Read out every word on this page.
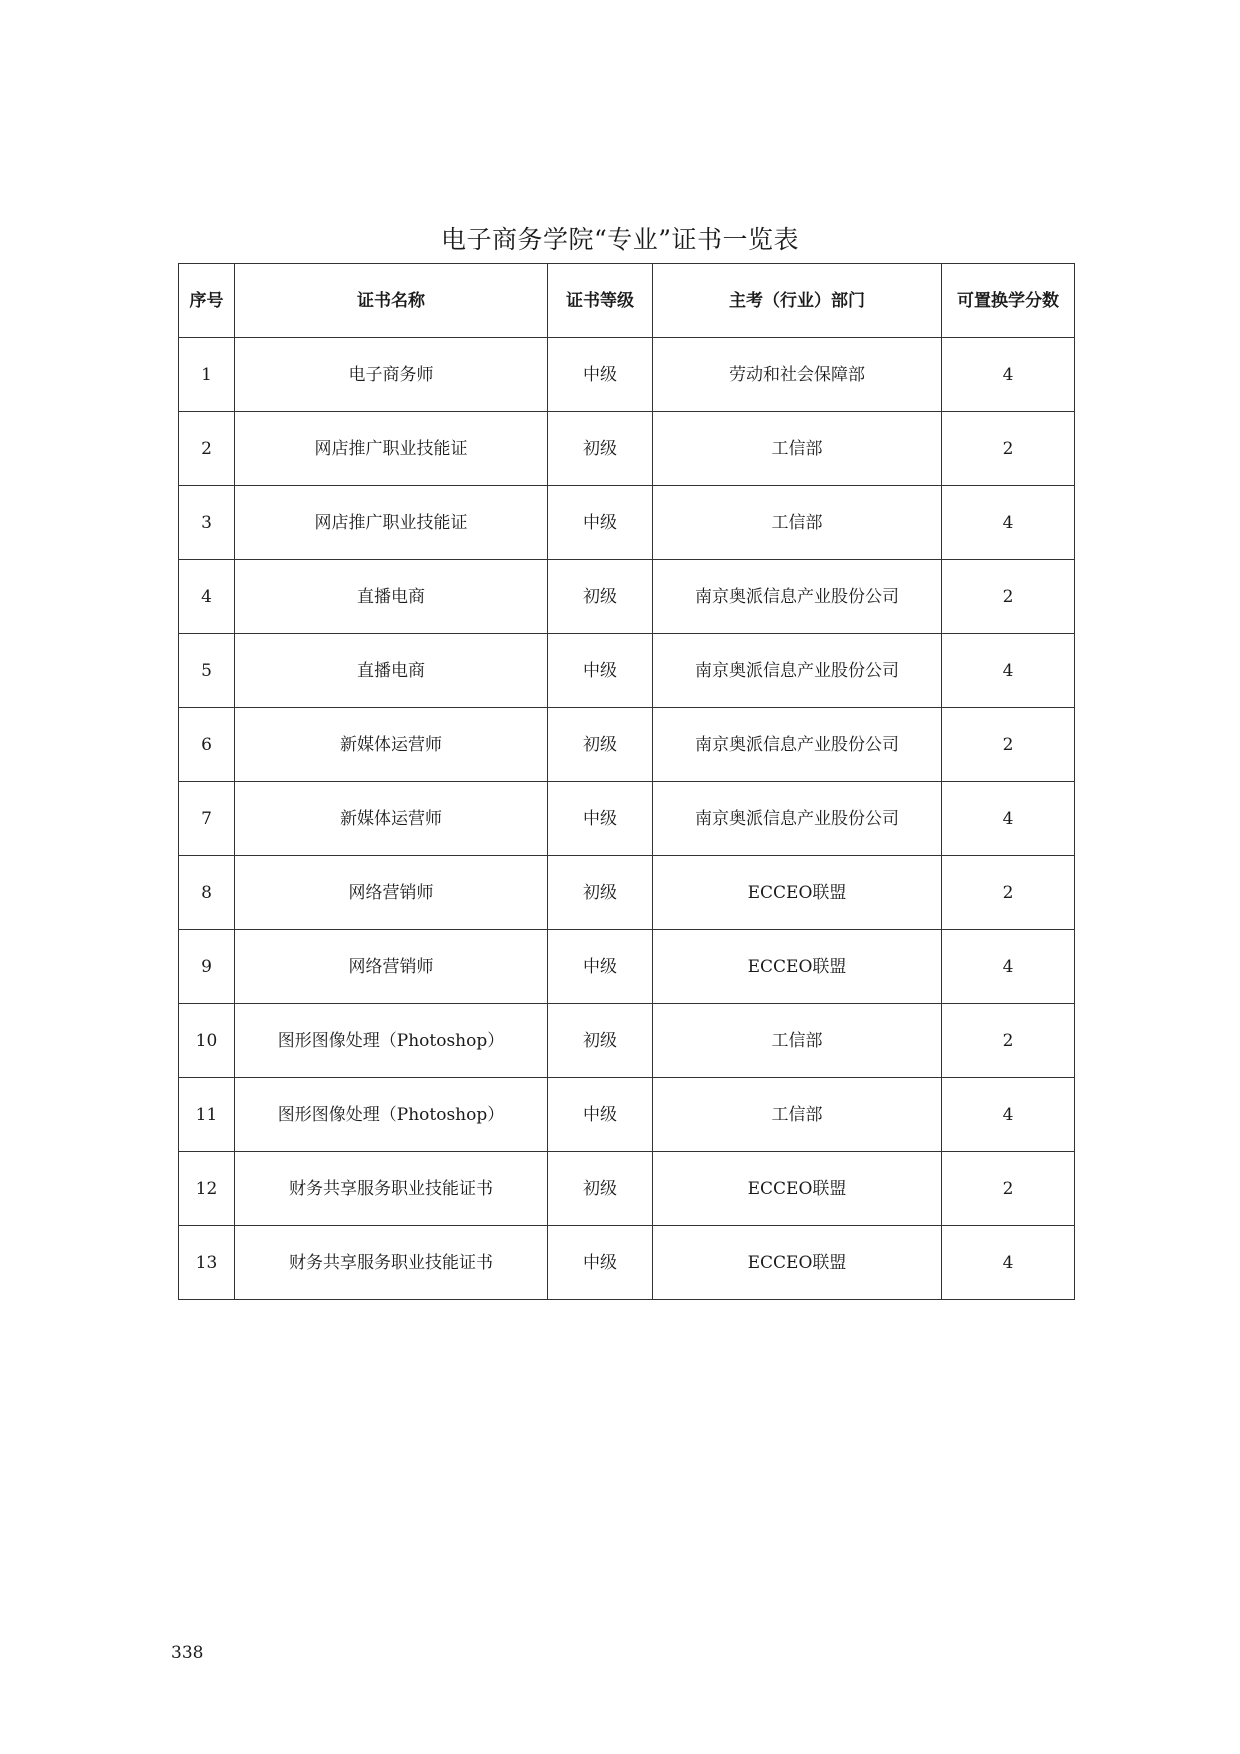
电子商务学院“专业”证书一览表
序号	证书名称	证书等级	主考（行业）部门	可置换学分数
1	电子商务师	中级	劳动和社会保障部	4
2	网店推广职业技能证	初级	工信部	2
3	网店推广职业技能证	中级	工信部	4
4	直播电商	初级	南京奥派信息产业股份公司	2
5	直播电商	中级	南京奥派信息产业股份公司	4
6	新媒体运营师	初级	南京奥派信息产业股份公司	2
7	新媒体运营师	中级	南京奥派信息产业股份公司	4
8	网络营销师	初级	ECCEO联盟	2
9	网络营销师	中级	ECCEO联盟	4
10	图形图像处理（Photoshop）	初级	工信部	2
11	图形图像处理（Photoshop）	中级	工信部	4
12	财务共享服务职业技能证书	初级	ECCEO联盟	2
13	财务共享服务职业技能证书	中级	ECCEO联盟	4
338
